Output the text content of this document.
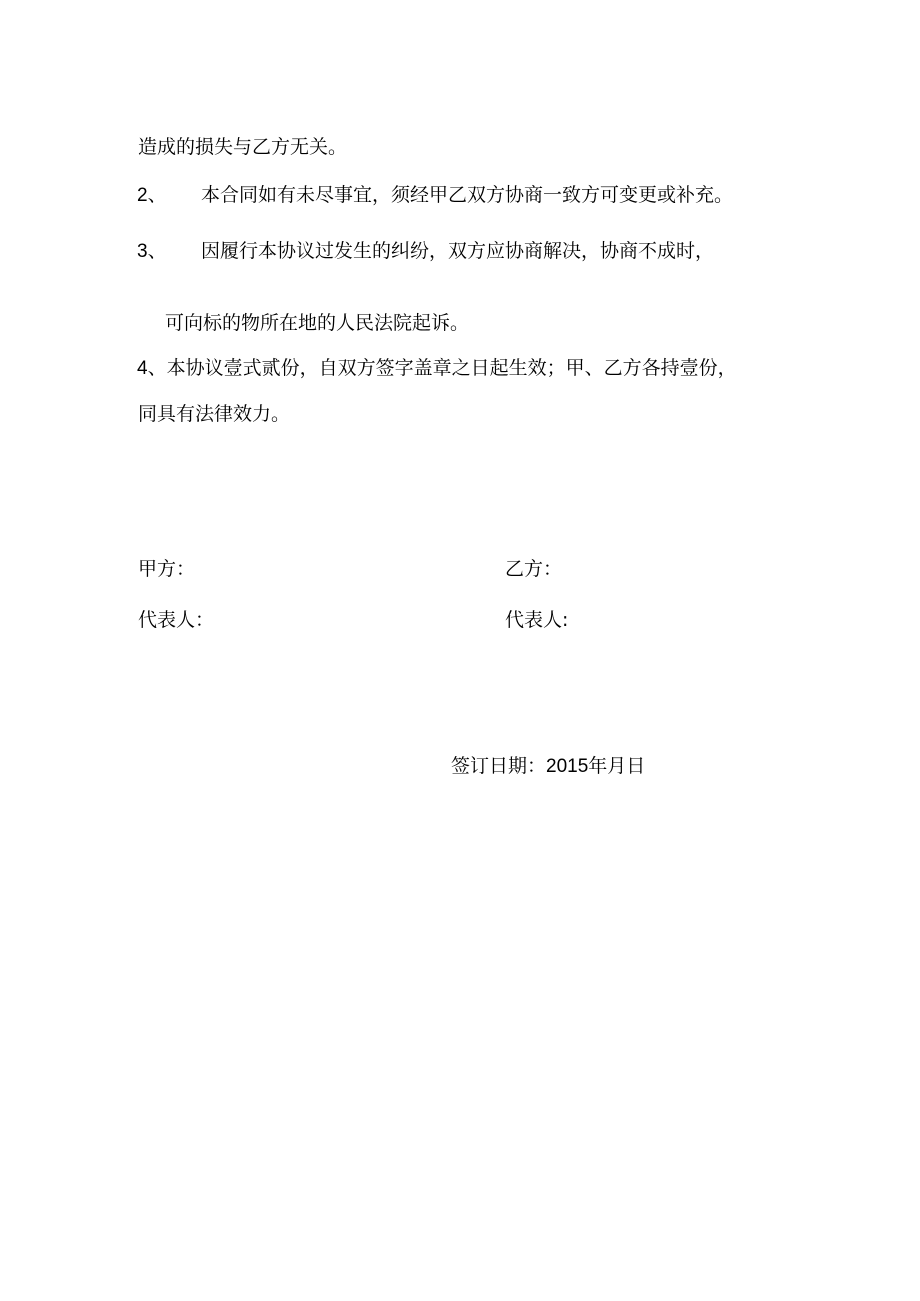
造成的损失与乙方无关。
2、 本合同如有未尽事宜，须经甲乙双方协商一致方可变更或补充。
3、 因履行本协议过发生的纠纷，双方应协商解决，协商不成时，
可向标的物所在地的人民法院起诉。
4、本协议壹式贰份，自双方签字盖章之日起生效；甲、乙方各持壹份，
同具有法律效力。
甲方：	乙方：
代表人：	代表人:
签订日期：2015年月日
